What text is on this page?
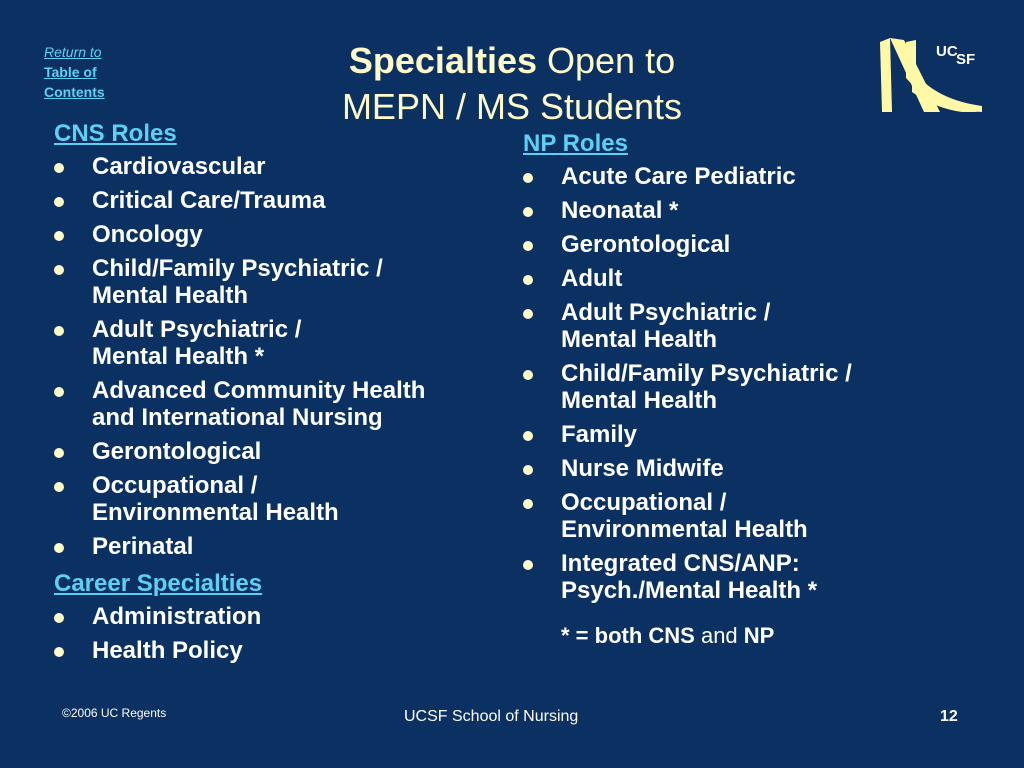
Return to
Table of
Contents
Specialties Open to
MEPN / MS Students
UC
SF
CNS Roles
Cardiovascular
Critical Care/Trauma
Oncology
Child/Family Psychiatric /
Mental Health
Adult Psychiatric /
Mental Health *
Advanced Community Health
and International Nursing
Gerontological
Occupational /
Environmental Health
Perinatal
Career Specialties
Administration
Health Policy
NP Roles
Acute Care Pediatric
Neonatal *
Gerontological
Adult
Adult Psychiatric /
Mental Health
Child/Family Psychiatric /
Mental Health
Family
Nurse Midwife
Occupational /
Environmental Health
Integrated CNS/ANP:
Psych./Mental Health *
* = both CNS and NP
©2006 UC Regents	UCSF School of Nursing	12
